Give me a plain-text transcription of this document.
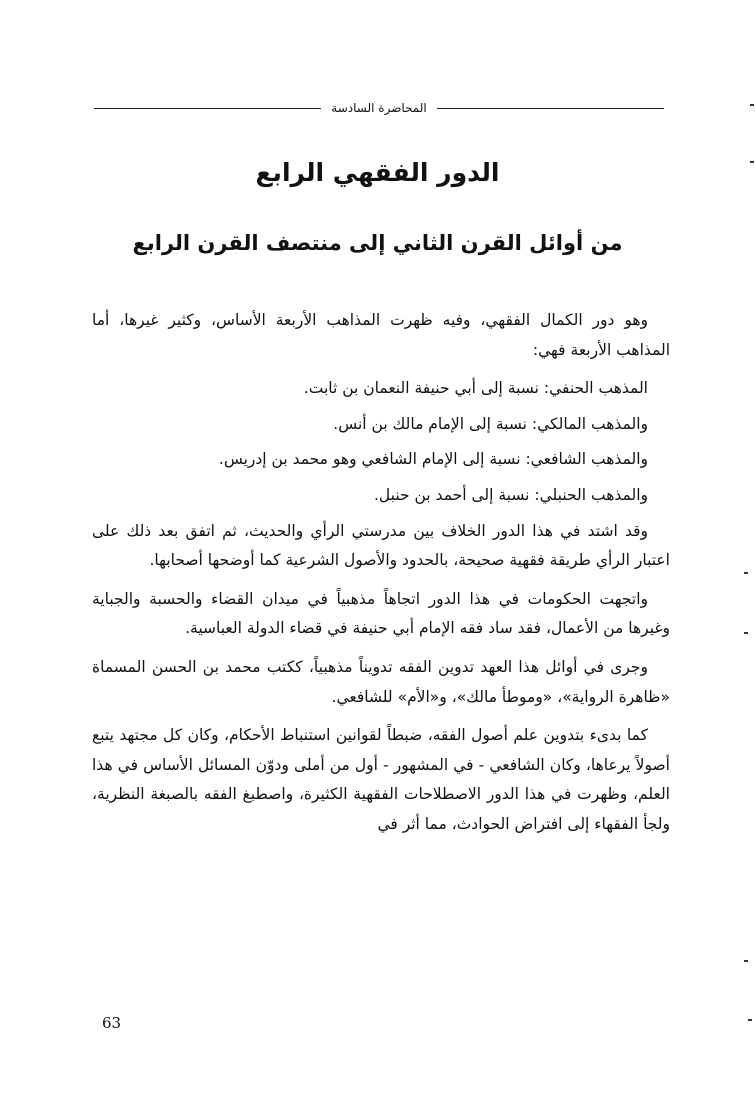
المحاضرة السادسة
الدور الفقهي الرابع
من أوائل القرن الثاني إلى منتصف القرن الرابع

وهو دور الكمال الفقهي، وفيه ظهرت المذاهب الأربعة الأساس، وكثير غيرها، أما المذاهب الأربعة فهي:

المذهب الحنفي: نسبة إلى أبي حنيفة النعمان بن ثابت.

والمذهب المالكي: نسبة إلى الإمام مالك بن أنس.

والمذهب الشافعي: نسبة إلى الإمام الشافعي وهو محمد بن إدريس.

والمذهب الحنبلي: نسبة إلى أحمد بن حنبل.

وقد اشتد في هذا الدور الخلاف بين مدرستي الرأي والحديث، ثم اتفق بعد ذلك على اعتبار الرأي طريقة فقهية صحيحة، بالحدود والأصول الشرعية كما أوضحها أصحابها.

واتجهت الحكومات في هذا الدور اتجاهاً مذهبياً في ميدان القضاء والحسبة والجباية وغيرها من الأعمال، فقد ساد فقه الإمام أبي حنيفة في قضاء الدولة العباسية.

وجرى في أوائل هذا العهد تدوين الفقه تدويناً مذهبياً، ككتب محمد بن الحسن المسماة «ظاهرة الرواية»، «وموطأ مالك»، و«الأم» للشافعي.

كما بدىء بتدوين علم أصول الفقه، ضبطاً لقوانين استنباط الأحكام، وكان كل مجتهد يتبع أصولاً يرعاها، وكان الشافعي - في المشهور - أول من أملى ودوّن المسائل الأساس في هذا العلم، وظهرت في هذا الدور الاصطلاحات الفقهية الكثيرة، واصطبغ الفقه بالصبغة النظرية، ولجأ الفقهاء إلى افتراض الحوادث، مما أثر في

63
